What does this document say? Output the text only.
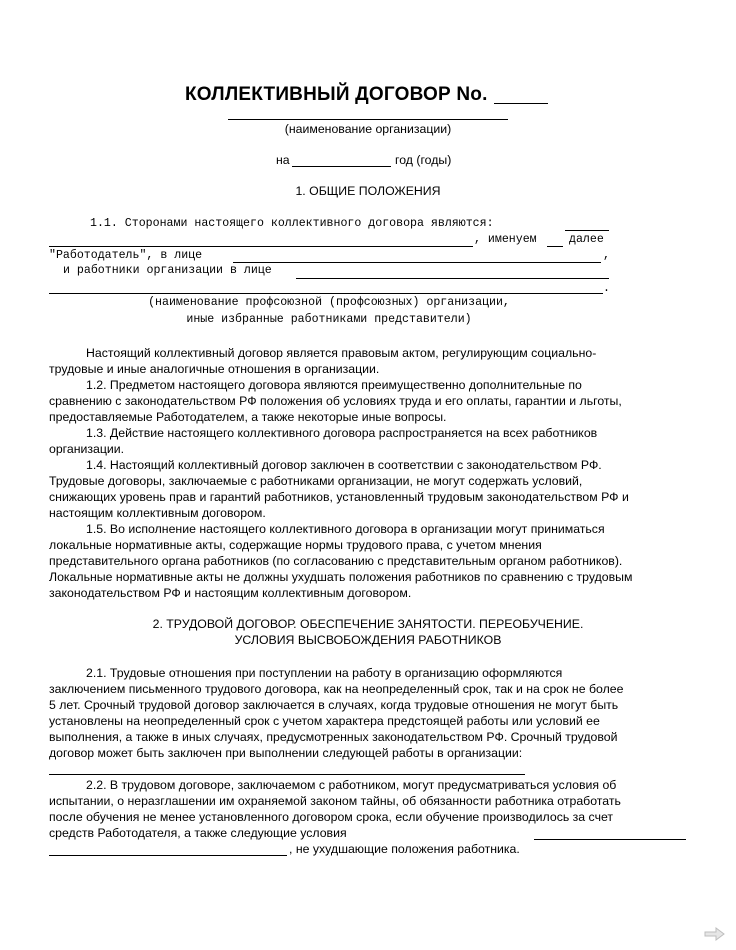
КОЛЛЕКТИВНЫЙ ДОГОВОР No.
(наименование организации)
на	год (годы)
1. ОБЩИЕ ПОЛОЖЕНИЯ
1.1. Сторонами настоящего коллективного договора являются:
, именуем	далее
"Работодатель", в лице	,
и работники организации в лице
.
(наименование профсоюзной (профсоюзных) организации,
иные избранные работниками представители)
Настоящий коллективный договор является правовым актом, регулирующим социально-
трудовые и иные аналогичные отношения в организации.
1.2. Предметом настоящего договора являются преимущественно дополнительные по
сравнению с законодательством РФ положения об условиях труда и его оплаты, гарантии и льготы,
предоставляемые Работодателем, а также некоторые иные вопросы.
1.3. Действие настоящего коллективного договора распространяется на всех работников
организации.
1.4. Настоящий коллективный договор заключен в соответствии с законодательством РФ.
Трудовые договоры, заключаемые с работниками организации, не могут содержать условий,
снижающих уровень прав и гарантий работников, установленный трудовым законодательством РФ и
настоящим коллективным договором.
1.5. Во исполнение настоящего коллективного договора в организации могут приниматься
локальные нормативные акты, содержащие нормы трудового права, с учетом мнения
представительного органа работников (по согласованию с представительным органом работников).
Локальные нормативные акты не должны ухудшать положения работников по сравнению с трудовым
законодательством РФ и настоящим коллективным договором.
2. ТРУДОВОЙ ДОГОВОР. ОБЕСПЕЧЕНИЕ ЗАНЯТОСТИ. ПЕРЕОБУЧЕНИЕ.
УСЛОВИЯ ВЫСВОБОЖДЕНИЯ РАБОТНИКОВ
2.1. Трудовые отношения при поступлении на работу в организацию оформляются
заключением письменного трудового договора, как на неопределенный срок, так и на срок не более
5 лет. Срочный трудовой договор заключается в случаях, когда трудовые отношения не могут быть
установлены на неопределенный срок с учетом характера предстоящей работы или условий ее
выполнения, а также в иных случаях, предусмотренных законодательством РФ. Срочный трудовой
договор может быть заключен при выполнении следующей работы в организации:
2.2. В трудовом договоре, заключаемом с работником, могут предусматриваться условия об
испытании, о неразглашении им охраняемой законом тайны, об обязанности работника отработать
после обучения не менее установленного договором срока, если обучение производилось за счет
средств Работодателя, а также следующие условия
, не ухудшающие положения работника.
